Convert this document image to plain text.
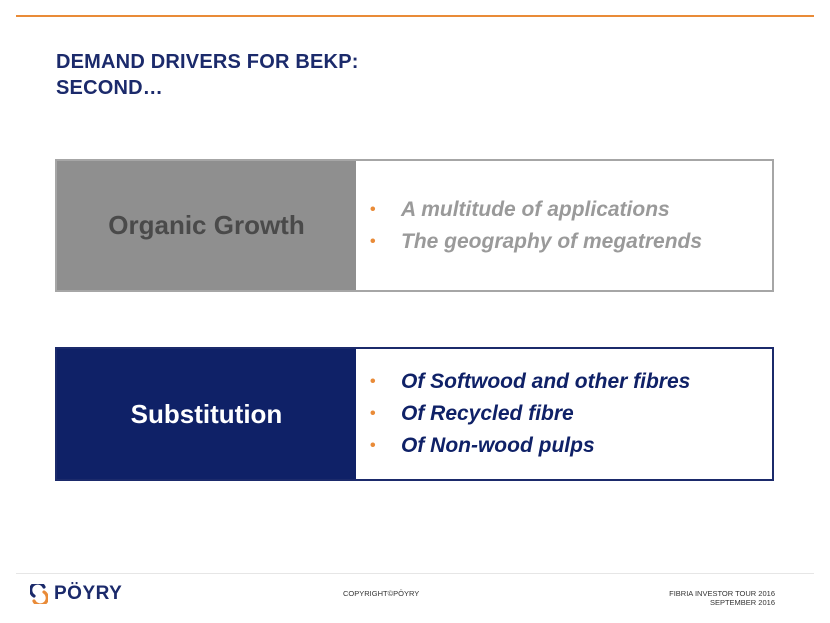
DEMAND DRIVERS FOR BEKP:
SECOND…
Organic Growth
•	A multitude of applications
•	The geography of megatrends
Substitution
•	Of Softwood and other fibres
•	Of Recycled fibre
•	Of Non-wood pulps
PÖYRY	COPYRIGHT©PÖYRY	FIBRIA INVESTOR TOUR 2016
SEPTEMBER 2016
